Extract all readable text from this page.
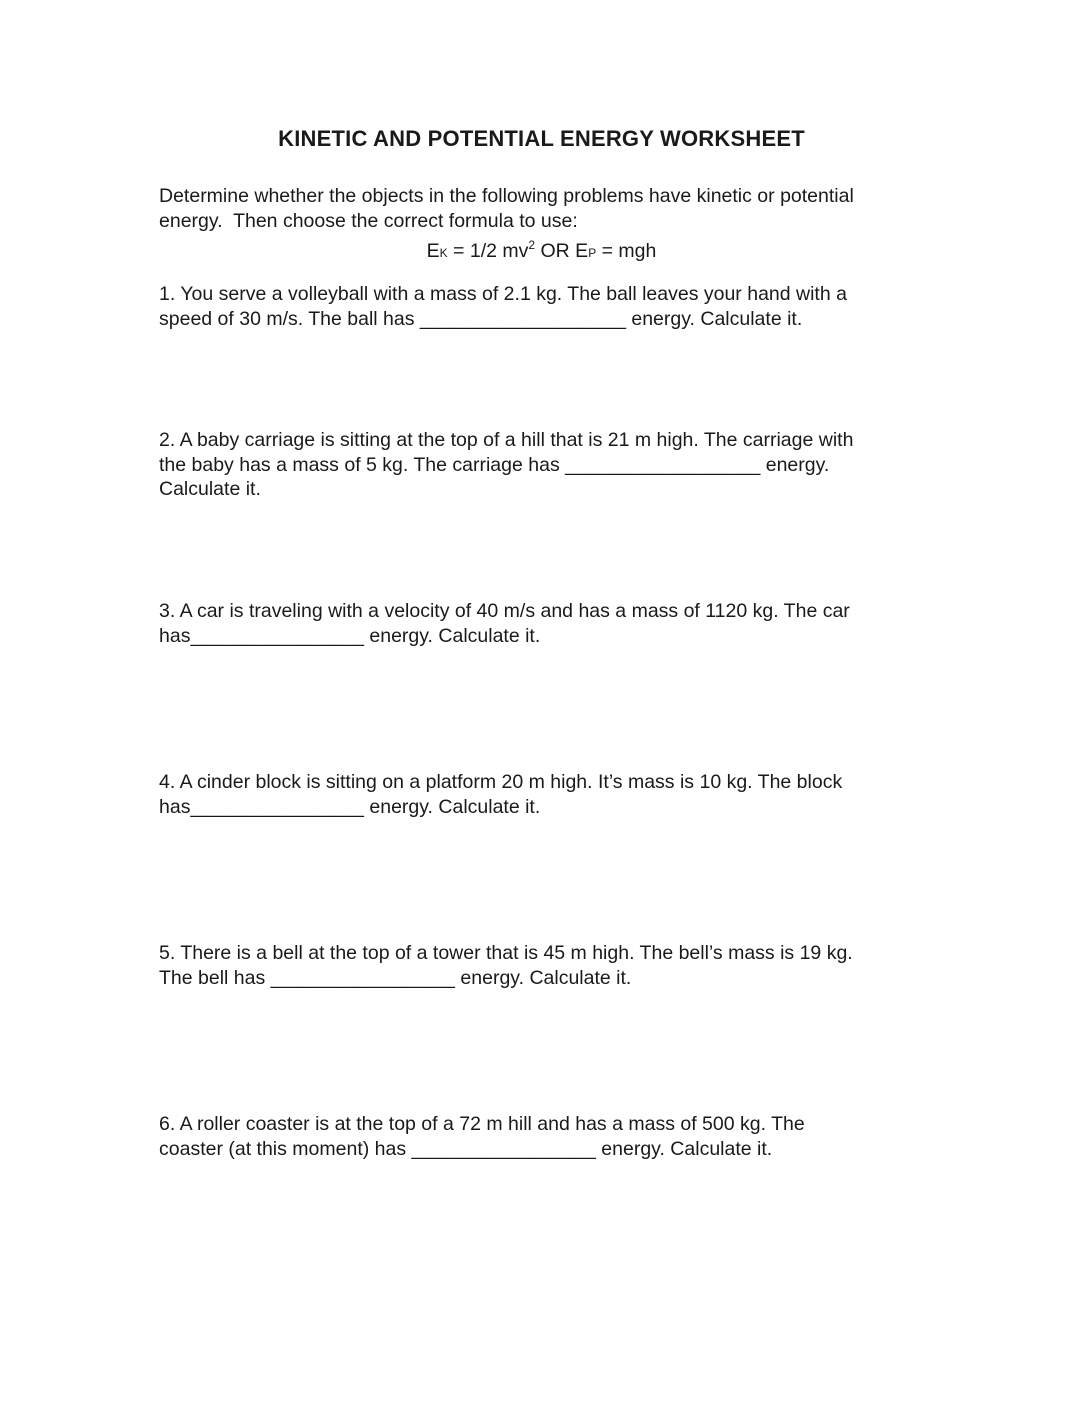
KINETIC AND POTENTIAL ENERGY WORKSHEET
Determine whether the objects in the following problems have kinetic or potential
energy.  Then choose the correct formula to use:
EK = 1/2 $mv^2$ OR EP = mgh
1. You serve a volleyball with a mass of 2.1 kg. The ball leaves your hand with a
speed of 30 m/s. The ball has ___________________ energy. Calculate it.
2. A baby carriage is sitting at the top of a hill that is 21 m high. The carriage with
the baby has a mass of 5 kg. The carriage has __________________ energy.
Calculate it.
3. A car is traveling with a velocity of 40 m/s and has a mass of 1120 kg. The car
has________________ energy. Calculate it.
4. A cinder block is sitting on a platform 20 m high. It’s mass is 10 kg. The block
has________________ energy. Calculate it.
5. There is a bell at the top of a tower that is 45 m high. The bell’s mass is 19 kg.
The bell has _________________ energy. Calculate it.
6. A roller coaster is at the top of a 72 m hill and has a mass of 500 kg. The
coaster (at this moment) has _________________ energy. Calculate it.
